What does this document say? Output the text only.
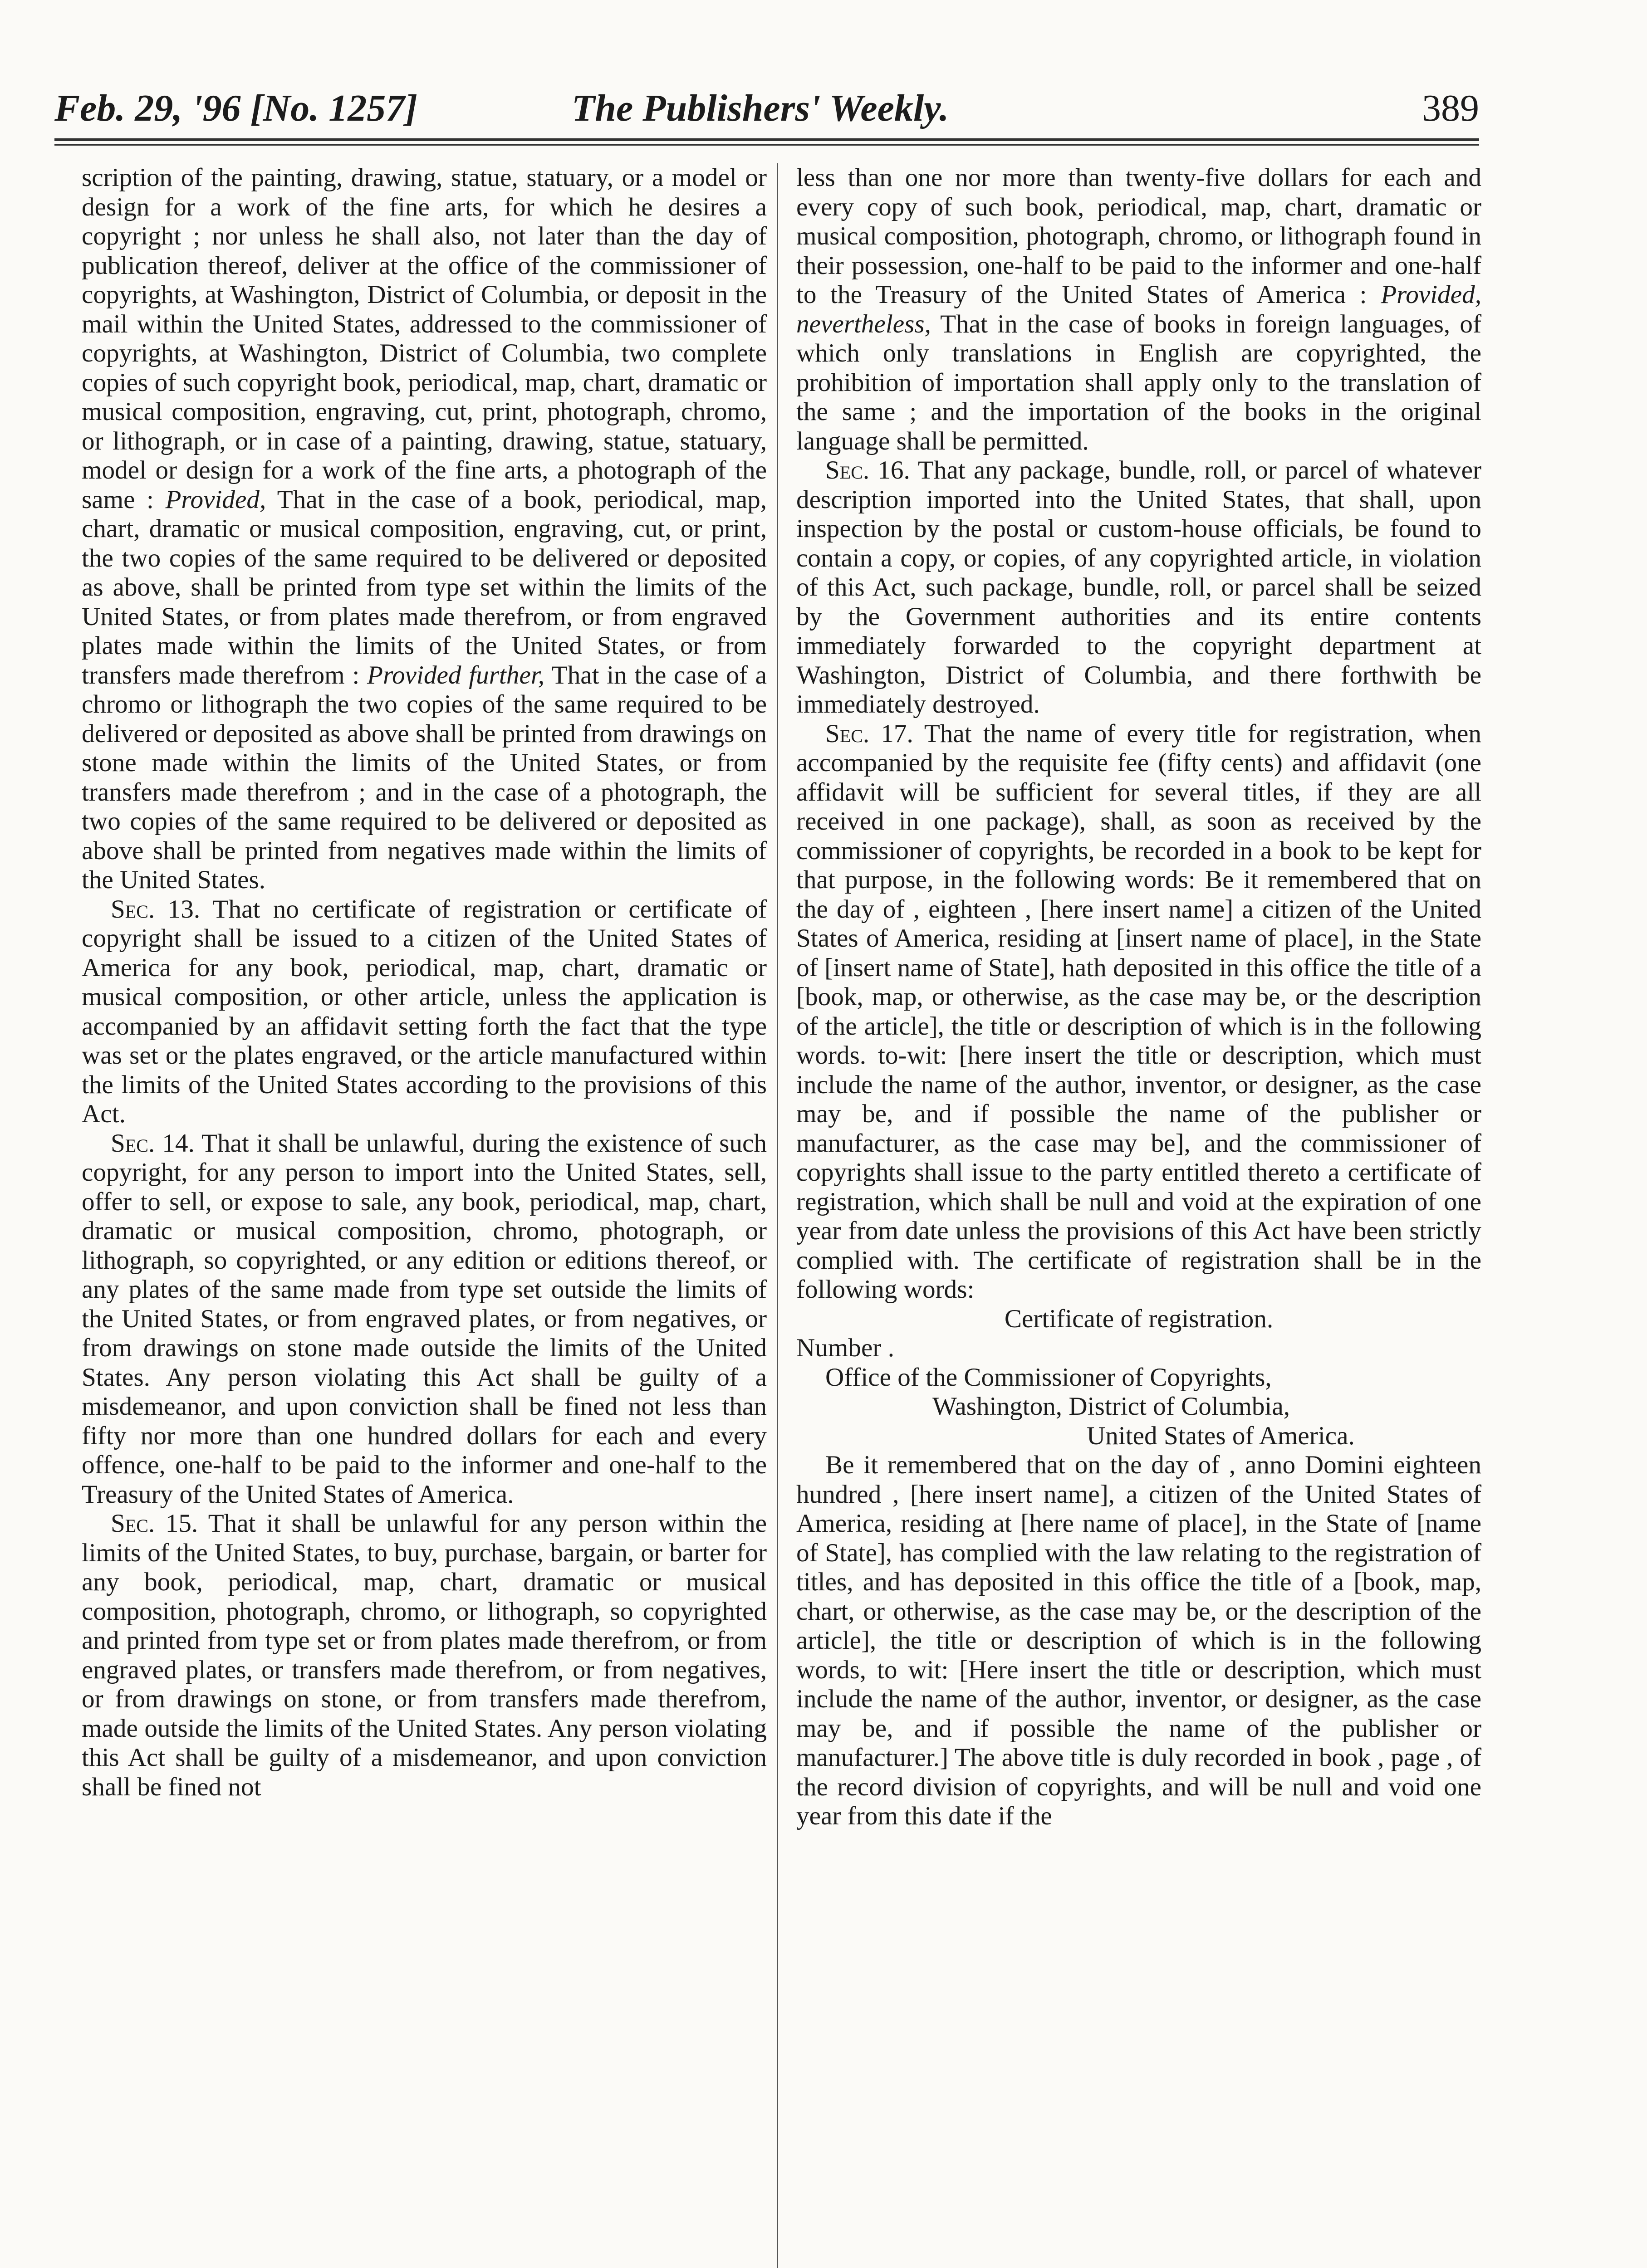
Feb. 29, '96 [No. 1257]	The Publishers' Weekly.	389

scription of the painting, drawing, statue, statuary, or a model or design for a work of the fine arts, for which he desires a copyright ; nor unless he shall also, not later than the day of publication thereof, deliver at the office of the commissioner of copyrights, at Washington, District of Columbia, or deposit in the mail within the United States, addressed to the commissioner of copyrights, at Washington, District of Columbia, two complete copies of such copyright book, periodical, map, chart, dramatic or musical composition, engraving, cut, print, photograph, chromo, or lithograph, or in case of a painting, drawing, statue, statuary, model or design for a work of the fine arts, a photograph of the same : Provided, That in the case of a book, periodical, map, chart, dramatic or musical composition, engraving, cut, or print, the two copies of the same required to be delivered or deposited as above, shall be printed from type set within the limits of the United States, or from plates made therefrom, or from engraved plates made within the limits of the United States, or from transfers made therefrom : Provided further, That in the case of a chromo or lithograph the two copies of the same required to be delivered or deposited as above shall be printed from drawings on stone made within the limits of the United States, or from transfers made therefrom ; and in the case of a photograph, the two copies of the same required to be delivered or deposited as above shall be printed from negatives made within the limits of the United States.

Sec. 13. That no certificate of registration or certificate of copyright shall be issued to a citizen of the United States of America for any book, periodical, map, chart, dramatic or musical composition, or other article, unless the application is accompanied by an affidavit setting forth the fact that the type was set or the plates engraved, or the article manufactured within the limits of the United States according to the provisions of this Act.

Sec. 14. That it shall be unlawful, during the existence of such copyright, for any person to import into the United States, sell, offer to sell, or expose to sale, any book, periodical, map, chart, dramatic or musical composition, chromo, photograph, or lithograph, so copyrighted, or any edition or editions thereof, or any plates of the same made from type set outside the limits of the United States, or from engraved plates, or from negatives, or from drawings on stone made outside the limits of the United States. Any person violating this Act shall be guilty of a misdemeanor, and upon conviction shall be fined not less than fifty nor more than one hundred dollars for each and every offence, one-half to be paid to the informer and one-half to the Treasury of the United States of America.

Sec. 15. That it shall be unlawful for any person within the limits of the United States, to buy, purchase, bargain, or barter for any book, periodical, map, chart, dramatic or musical composition, photograph, chromo, or lithograph, so copyrighted and printed from type set or from plates made therefrom, or from engraved plates, or transfers made therefrom, or from negatives, or from drawings on stone, or from transfers made therefrom, made outside the limits of the United States. Any person violating this Act shall be guilty of a misdemeanor, and upon conviction shall be fined not

less than one nor more than twenty-five dollars for each and every copy of such book, periodical, map, chart, dramatic or musical composition, photograph, chromo, or lithograph found in their possession, one-half to be paid to the informer and one-half to the Treasury of the United States of America : Provided, nevertheless, That in the case of books in foreign languages, of which only translations in English are copyrighted, the prohibition of importation shall apply only to the translation of the same ; and the importation of the books in the original language shall be permitted.

Sec. 16. That any package, bundle, roll, or parcel of whatever description imported into the United States, that shall, upon inspection by the postal or custom-house officials, be found to contain a copy, or copies, of any copyrighted article, in violation of this Act, such package, bundle, roll, or parcel shall be seized by the Government authorities and its entire contents immediately forwarded to the copyright department at Washington, District of Columbia, and there forthwith be immediately destroyed.

Sec. 17. That the name of every title for registration, when accompanied by the requisite fee (fifty cents) and affidavit (one affidavit will be sufficient for several titles, if they are all received in one package), shall, as soon as received by the commissioner of copyrights, be recorded in a book to be kept for that purpose, in the following words: Be it remembered that on the day of , eighteen , [here insert name] a citizen of the United States of America, residing at [insert name of place], in the State of [insert name of State], hath deposited in this office the title of a [book, map, or otherwise, as the case may be, or the description of the article], the title or description of which is in the following words. to-wit: [here insert the title or description, which must include the name of the author, inventor, or designer, as the case may be, and if possible the name of the publisher or manufacturer, as the case may be], and the commissioner of copyrights shall issue to the party entitled thereto a certificate of registration, which shall be null and void at the expiration of one year from date unless the provisions of this Act have been strictly complied with. The certificate of registration shall be in the following words:

Certificate of registration.

Number .

Office of the Commissioner of Copyrights,

Washington, District of Columbia,

United States of America.

Be it remembered that on the day of , anno Domini eighteen hundred , [here insert name], a citizen of the United States of America, residing at [here name of place], in the State of [name of State], has complied with the law relating to the registration of titles, and has deposited in this office the title of a [book, map, chart, or otherwise, as the case may be, or the description of the article], the title or description of which is in the following words, to wit: [Here insert the title or description, which must include the name of the author, inventor, or designer, as the case may be, and if possible the name of the publisher or manufacturer.] The above title is duly recorded in book , page , of the record division of copyrights, and will be null and void one year from this date if the
